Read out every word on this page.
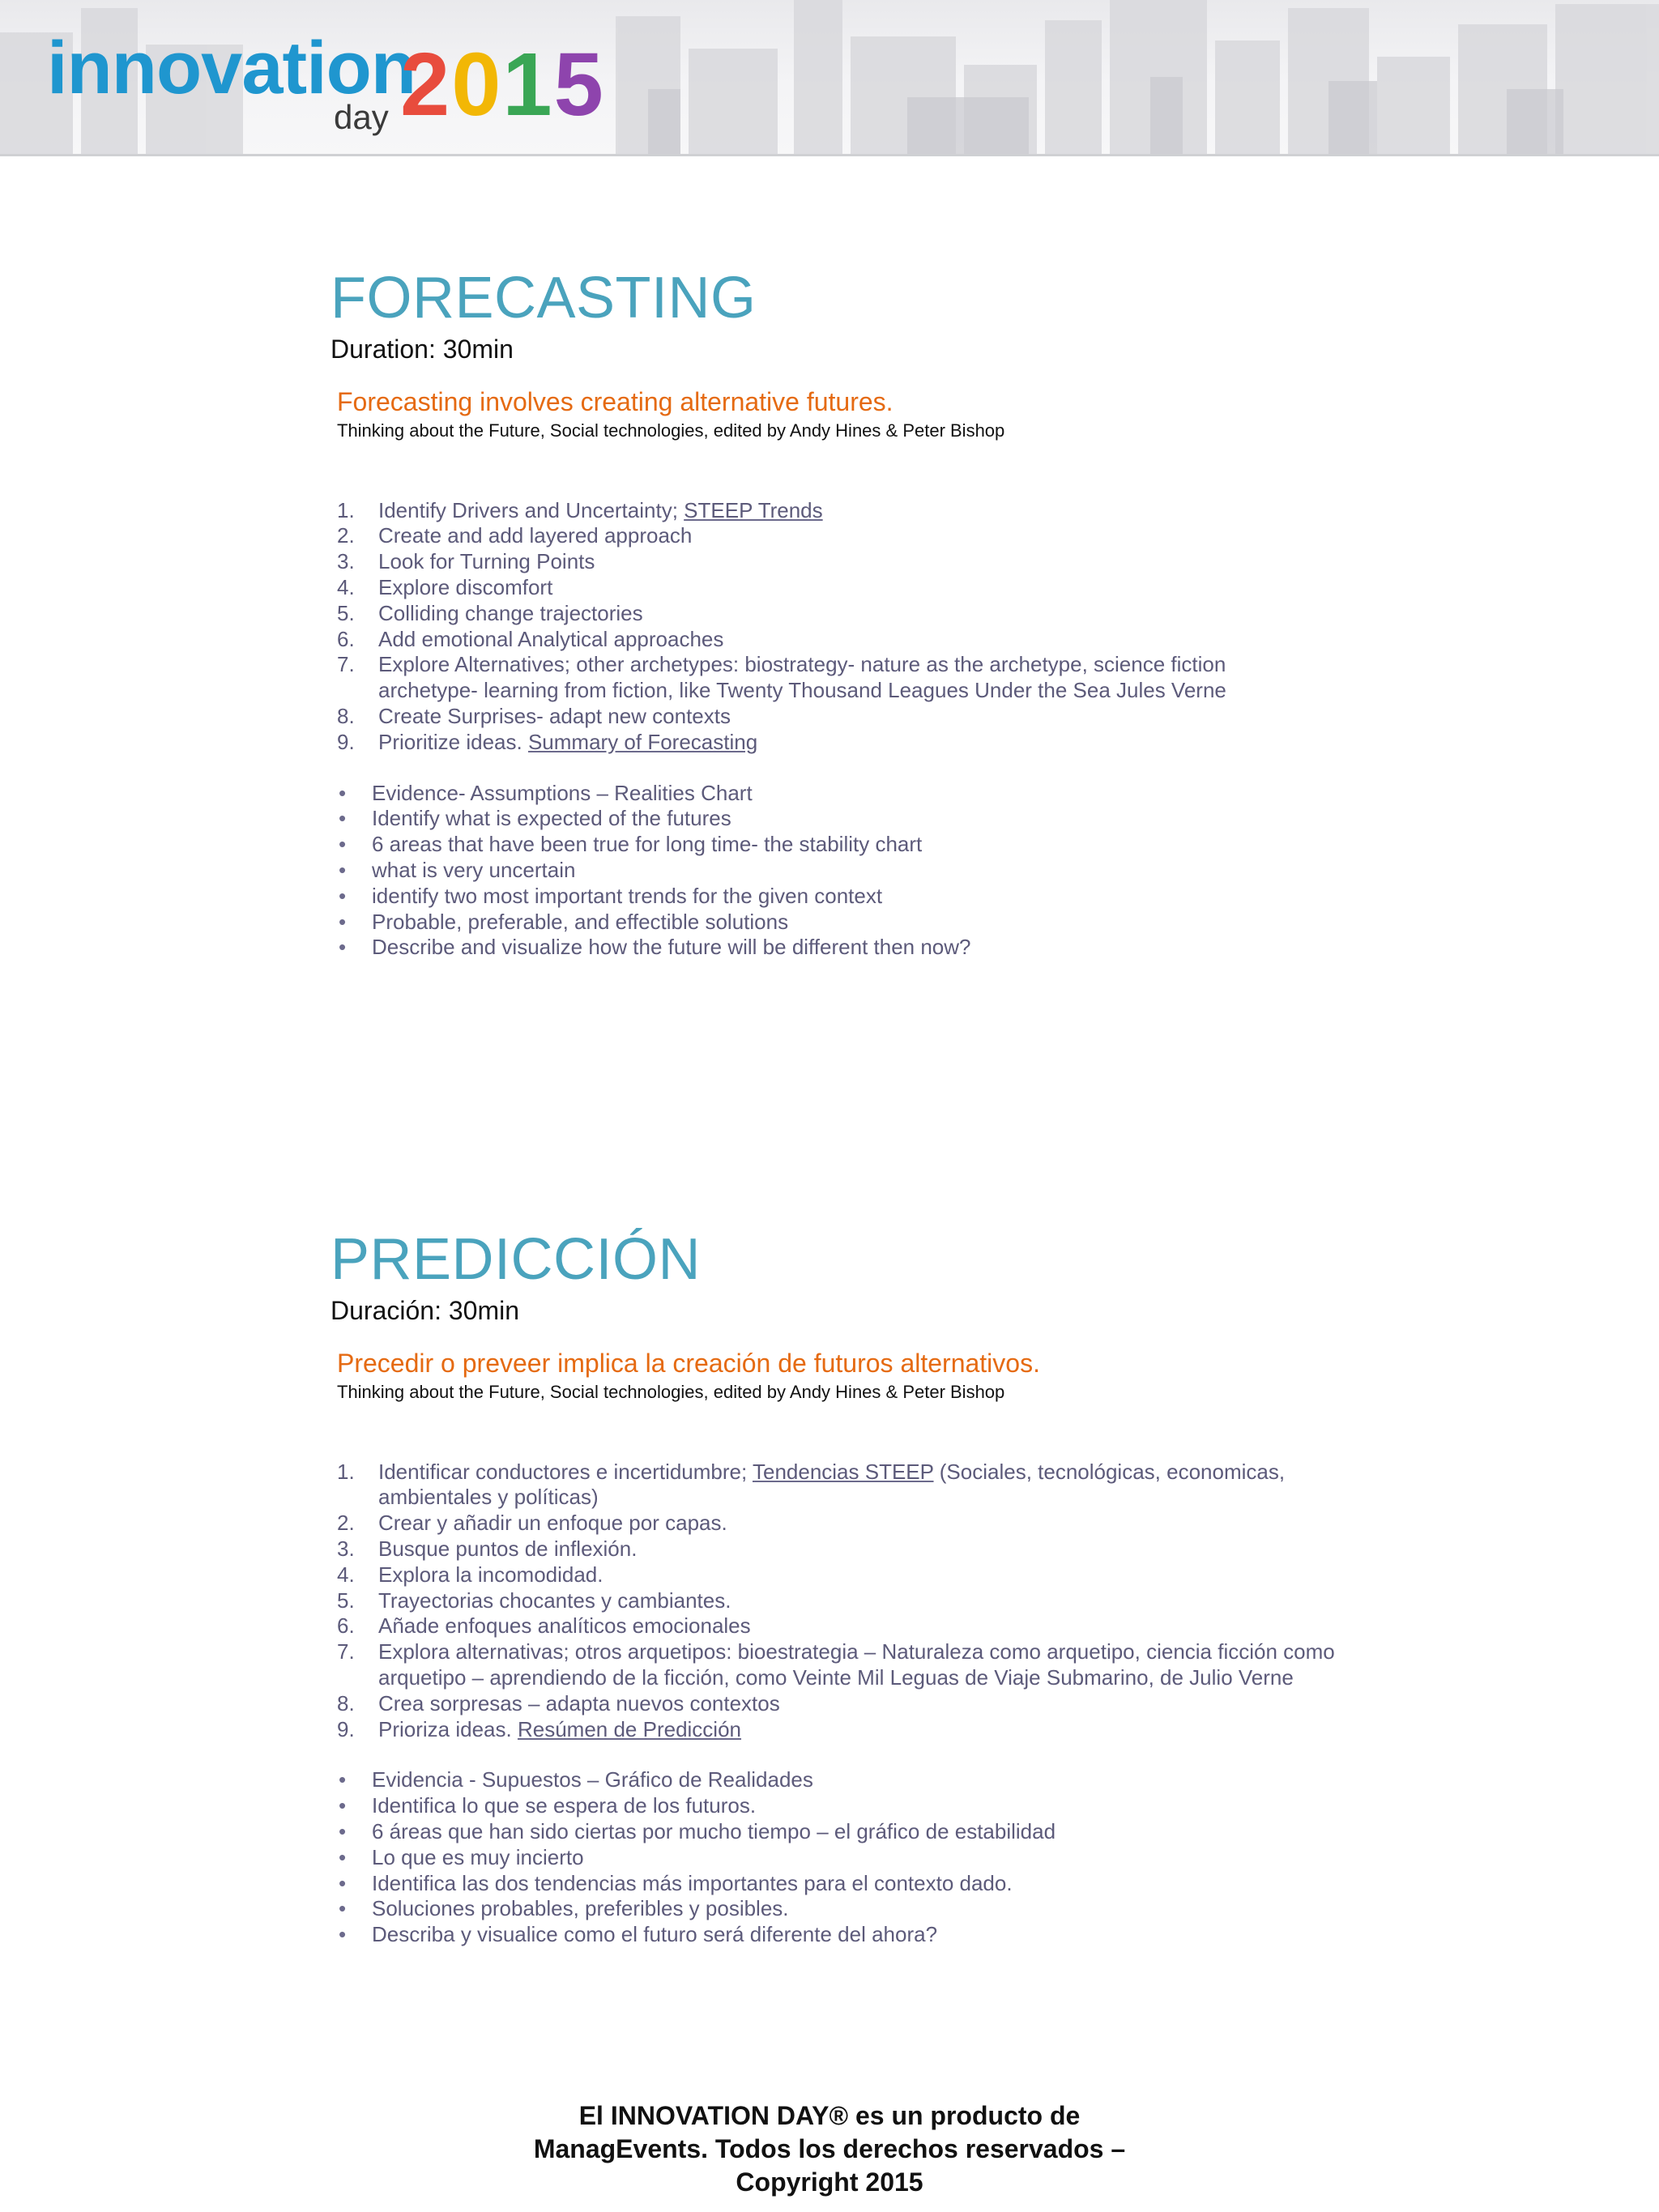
innovation
day 2015
FORECASTING
Duration: 30min
Forecasting involves creating alternative futures.
Thinking about the Future, Social technologies, edited by Andy Hines & Peter Bishop
1. Identify Drivers and Uncertainty; STEEP Trends
2. Create and add layered approach
3. Look for Turning Points
4. Explore discomfort
5. Colliding change trajectories
6. Add emotional Analytical approaches
7. Explore Alternatives; other archetypes: biostrategy- nature as the archetype, science fiction archetype- learning from fiction, like Twenty Thousand Leagues Under the Sea Jules Verne
8. Create Surprises- adapt new contexts
9. Prioritize ideas. Summary of Forecasting
• Evidence- Assumptions – Realities Chart
• Identify what is expected of the futures
• 6 areas that have been true for long time- the stability chart
• what is very uncertain
• identify two most important trends for the given context
• Probable, preferable, and effectible solutions
• Describe and visualize how the future will be different then now?
PREDICCIÓN
Duración: 30min
Precedir o preveer implica la creación de futuros alternativos.
Thinking about the Future, Social technologies, edited by Andy Hines & Peter Bishop
1. Identificar conductores e incertidumbre; Tendencias STEEP (Sociales, tecnológicas, economicas, ambientales y políticas)
2. Crear y añadir un enfoque por capas.
3. Busque puntos de inflexión.
4. Explora la incomodidad.
5. Trayectorias chocantes y cambiantes.
6. Añade enfoques analíticos emocionales
7. Explora alternativas; otros arquetipos: bioestrategia – Naturaleza como arquetipo, ciencia ficción como arquetipo – aprendiendo de la ficción, como Veinte Mil Leguas de Viaje Submarino, de Julio Verne
8. Crea sorpresas – adapta nuevos contextos
9. Prioriza ideas. Resúmen de Predicción
• Evidencia - Supuestos – Gráfico de Realidades
• Identifica lo que se espera de los futuros.
• 6 áreas que han sido ciertas por mucho tiempo – el gráfico de estabilidad
• Lo que es muy incierto
• Identifica las dos tendencias más importantes para el contexto dado.
• Soluciones probables, preferibles y posibles.
• Describa y visualice como el futuro será diferente del ahora?
El INNOVATION DAY® es un producto de
ManagEvents. Todos los derechos reservados –
Copyright 2015
